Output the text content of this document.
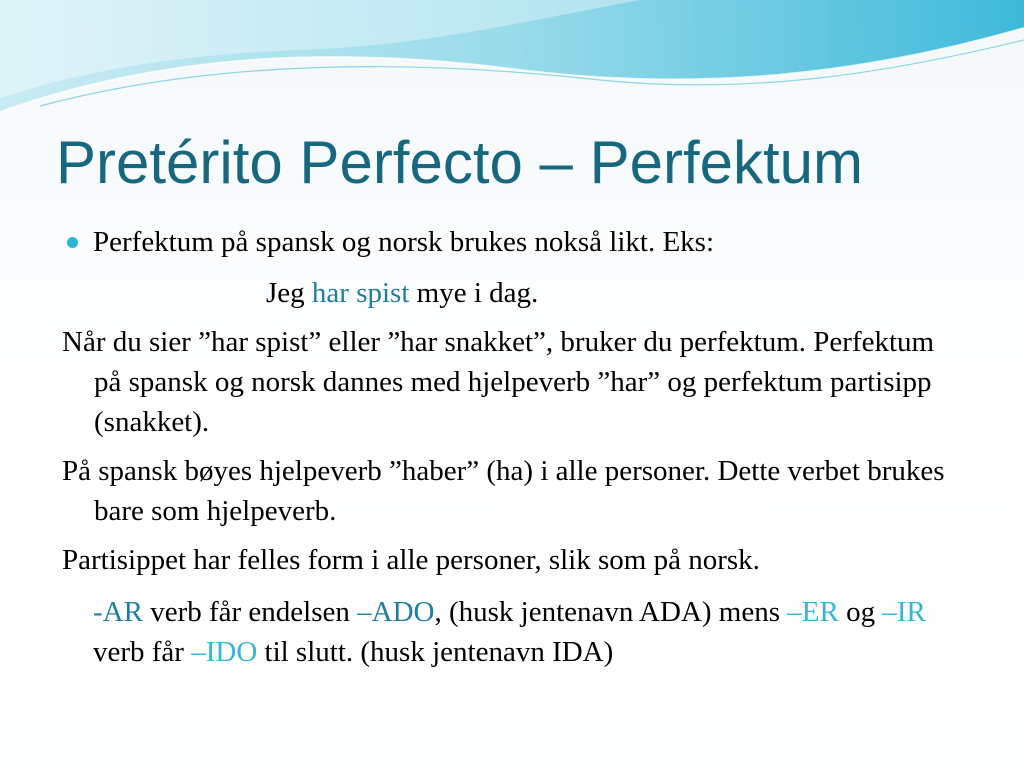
Pretérito Perfecto – Perfektum
Perfektum på spansk og norsk brukes nokså likt. Eks:
Jeg har spist mye i dag.
Når du sier ”har spist” eller ”har snakket”, bruker du perfektum. Perfektum på spansk og norsk dannes med hjelpeverb ”har” og perfektum partisipp (snakket).
På spansk bøyes hjelpeverb ”haber” (ha) i alle personer. Dette verbet brukes bare som hjelpeverb.
Partisippet har felles form i alle personer, slik som på norsk.
-AR verb får endelsen –ADO, (husk jentenavn ADA) mens –ER og –IR verb får –IDO til slutt. (husk jentenavn IDA)
